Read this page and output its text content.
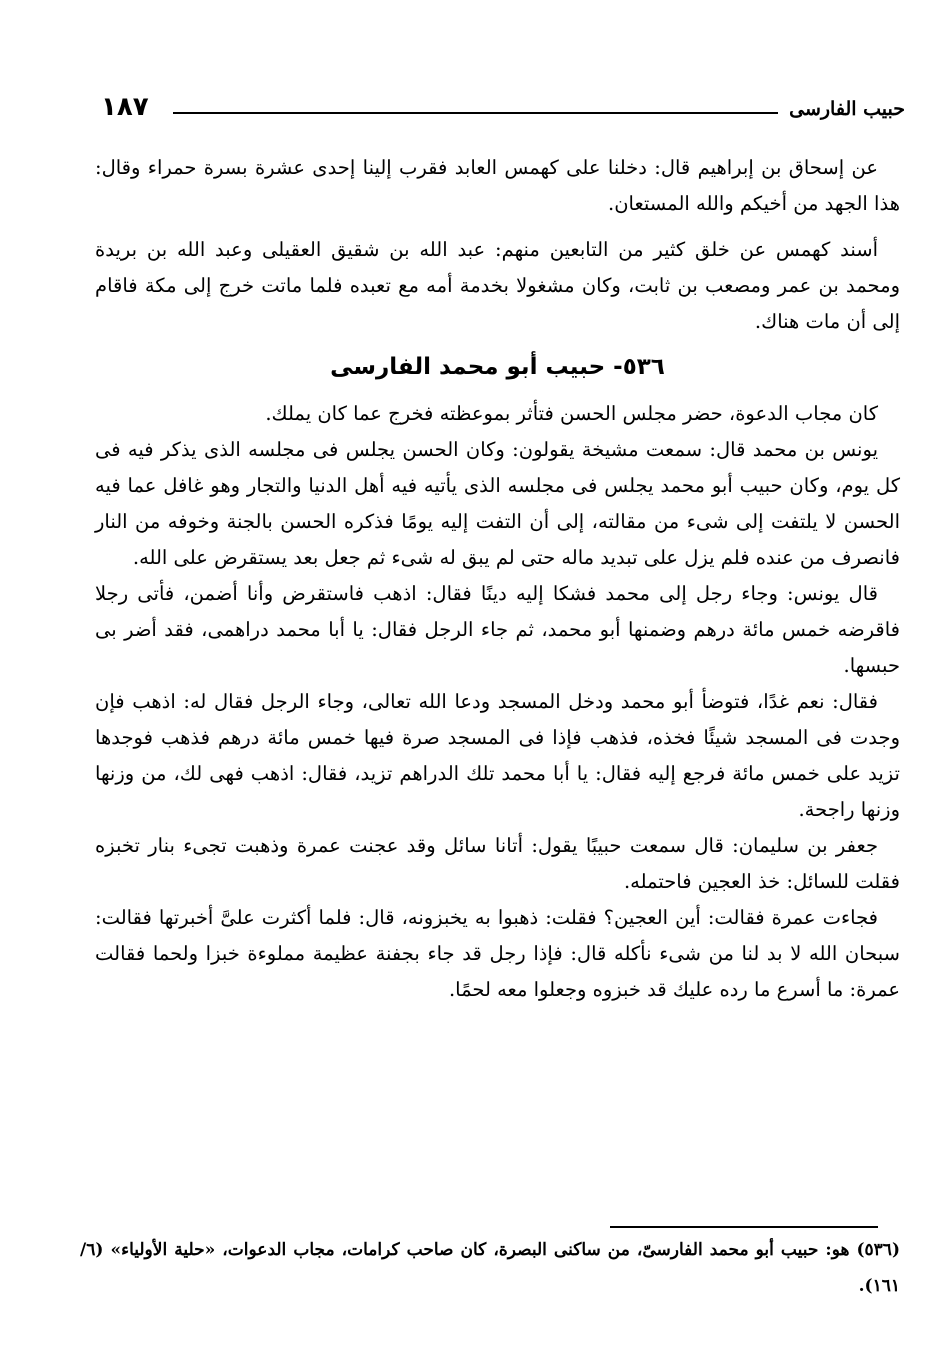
١٨٧	حبيب الفارسى

عن إسحاق بن إبراهيم قال: دخلنا على كهمس العابد فقرب إلينا إحدى عشرة بسرة حمراء وقال: هذا الجهد من أخيكم والله المستعان.

أسند كهمس عن خلق كثير من التابعين منهم: عبد الله بن شقيق العقيلى وعبد الله بن بريدة ومحمد بن عمر ومصعب بن ثابت، وكان مشغولا بخدمة أمه مع تعبده فلما ماتت خرج إلى مكة فاقام إلى أن مات هناك.

٥٣٦- حبيب أبو محمد الفارسى

كان مجاب الدعوة، حضر مجلس الحسن فتأثر بموعظته فخرج عما كان يملك.

يونس بن محمد قال: سمعت مشيخة يقولون: وكان الحسن يجلس فى مجلسه الذى يذكر فيه فى كل يوم، وكان حبيب أبو محمد يجلس فى مجلسه الذى يأتيه فيه أهل الدنيا والتجار وهو غافل عما فيه الحسن لا يلتفت إلى شىء من مقالته، إلى أن التفت إليه يومًا فذكره الحسن بالجنة وخوفه من النار فانصرف من عنده فلم يزل على تبديد ماله حتى لم يبق له شىء ثم جعل بعد يستقرض على الله.

قال يونس: وجاء رجل إلى محمد فشكا إليه دينًا فقال: اذهب فاستقرض وأنا أضمن، فأتى رجلا فاقرضه خمس مائة درهم وضمنها أبو محمد، ثم جاء الرجل فقال: يا أبا محمد دراهمى، فقد أضر بى حبسها.

فقال: نعم غدًا، فتوضأ أبو محمد ودخل المسجد ودعا الله تعالى، وجاء الرجل فقال له: اذهب فإن وجدت فى المسجد شيئًا فخذه، فذهب فإذا فى المسجد صرة فيها خمس مائة درهم فذهب فوجدها تزيد على خمس مائة فرجع إليه فقال: يا أبا محمد تلك الدراهم تزيد، فقال: اذهب فهى لك، من وزنها وزنها راجحة.

جعفر بن سليمان: قال سمعت حبيبًا يقول: أتانا سائل وقد عجنت عمرة وذهبت تجىء بنار تخبزه فقلت للسائل: خذ العجين فاحتمله.

فجاءت عمرة فقالت: أين العجين؟ فقلت: ذهبوا به يخبزونه، قال: فلما أكثرت علىَّ أخبرتها فقالت: سبحان الله لا بد لنا من شىء نأكله قال: فإذا رجل قد جاء بجفنة عظيمة مملوءة خبزا ولحما فقالت عمرة: ما أسرع ما رده عليك قد خبزوه وجعلوا معه لحمًا.

(٥٣٦) هو: حبيب أبو محمد الفارسىّ، من ساكنى البصرة، كان صاحب كرامات، مجاب الدعوات، «حلية الأولياء» (٦/ ١٦١).
